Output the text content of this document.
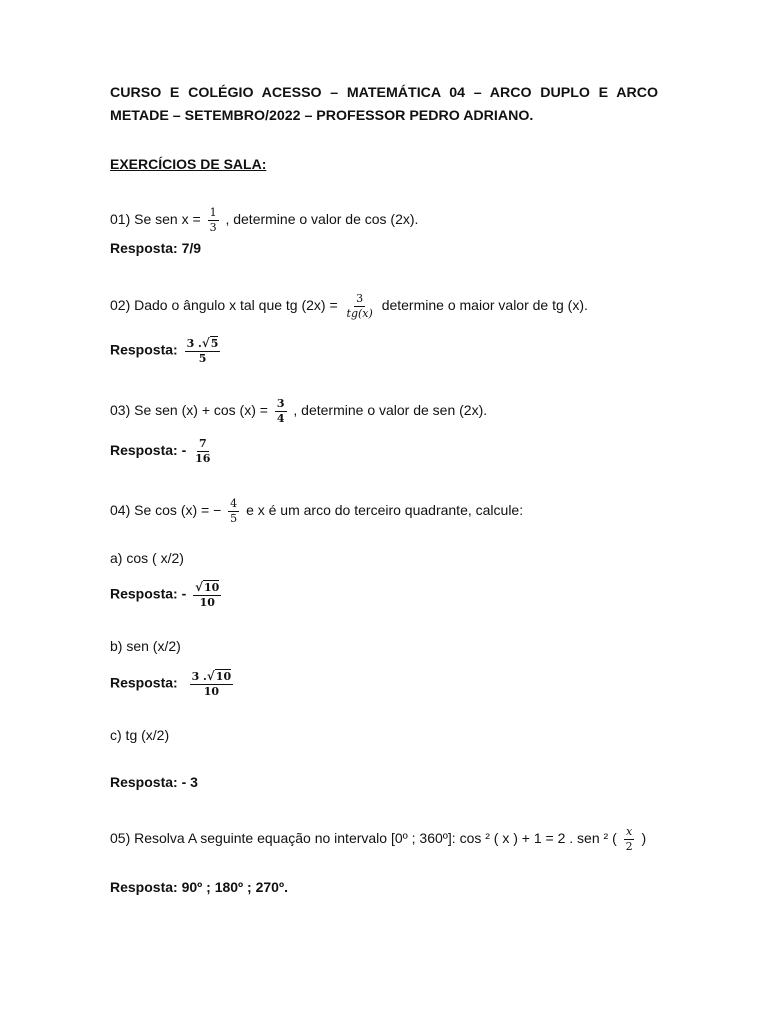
CURSO E COLÉGIO ACESSO – MATEMÁTICA 04 – ARCO DUPLO E ARCO
METADE – SETEMBRO/2022 – PROFESSOR PEDRO ADRIANO.
EXERCÍCIOS DE SALA:
01) Se sen $x = \frac{1}{3}$ , determine o valor de cos (2x).
Resposta: 7/9
02) Dado o ângulo x tal que tg $(2x) = \frac{3}{tg(x)}$ determine o maior valor de tg (x).
Resposta: $\frac{3 .√5}{5}$
03) Se sen $(x) + \cos (x) = \frac{3}{4}$ , determine o valor de sen (2x).
Resposta: - $\frac{7}{16}$
04) Se cos (x) = − $\frac{4}{5}$ e x é um arco do terceiro quadrante, calcule:
a) cos ( x/2)
Resposta: - $\frac{√10}{10}$
b) sen (x/2)
Resposta: $\frac{3 .√10}{10}$
c) tg (x/2)
Resposta: - 3
05) Resolva A seguinte equação no intervalo [0º ; 360º]: cos ² ( x ) + 1 = 2 . sen ² ( $\frac{x}{2}$ )
Resposta: 90º ; 180º ; 270º.
